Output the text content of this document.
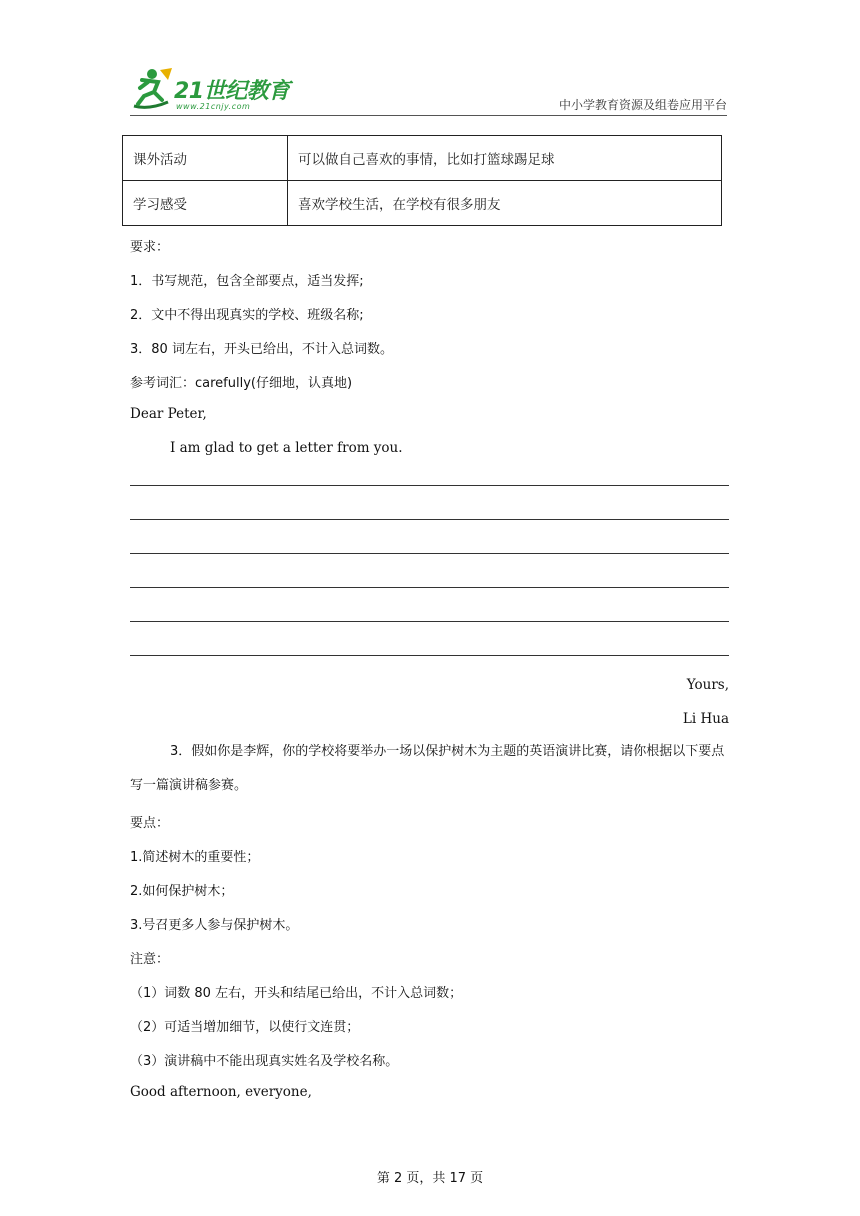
21世纪教育
www.21cnjy.com	中小学教育资源及组卷应用平台
课外活动	可以做自己喜欢的事情，比如打篮球踢足球
学习感受	喜欢学校生活，在学校有很多朋友
要求：
1．书写规范，包含全部要点，适当发挥;
2．文中不得出现真实的学校、班级名称;
3．80 词左右，开头已给出，不计入总词数。
参考词汇：carefully(仔细地，认真地)
Dear Peter,
I am glad to get a letter from you.
Yours,
Li Hua
3．假如你是李辉，你的学校将要举办一场以保护树木为主题的英语演讲比赛，请你根据以下要点写一篇演讲稿参赛。
要点：
1.简述树木的重要性；
2.如何保护树木；
3.号召更多人参与保护树木。
注意：
（1）词数 80 左右，开头和结尾已给出，不计入总词数；
（2）可适当增加细节，以使行文连贯；
（3）演讲稿中不能出现真实姓名及学校名称。
Good afternoon, everyone,
第 2 页，共 17 页
